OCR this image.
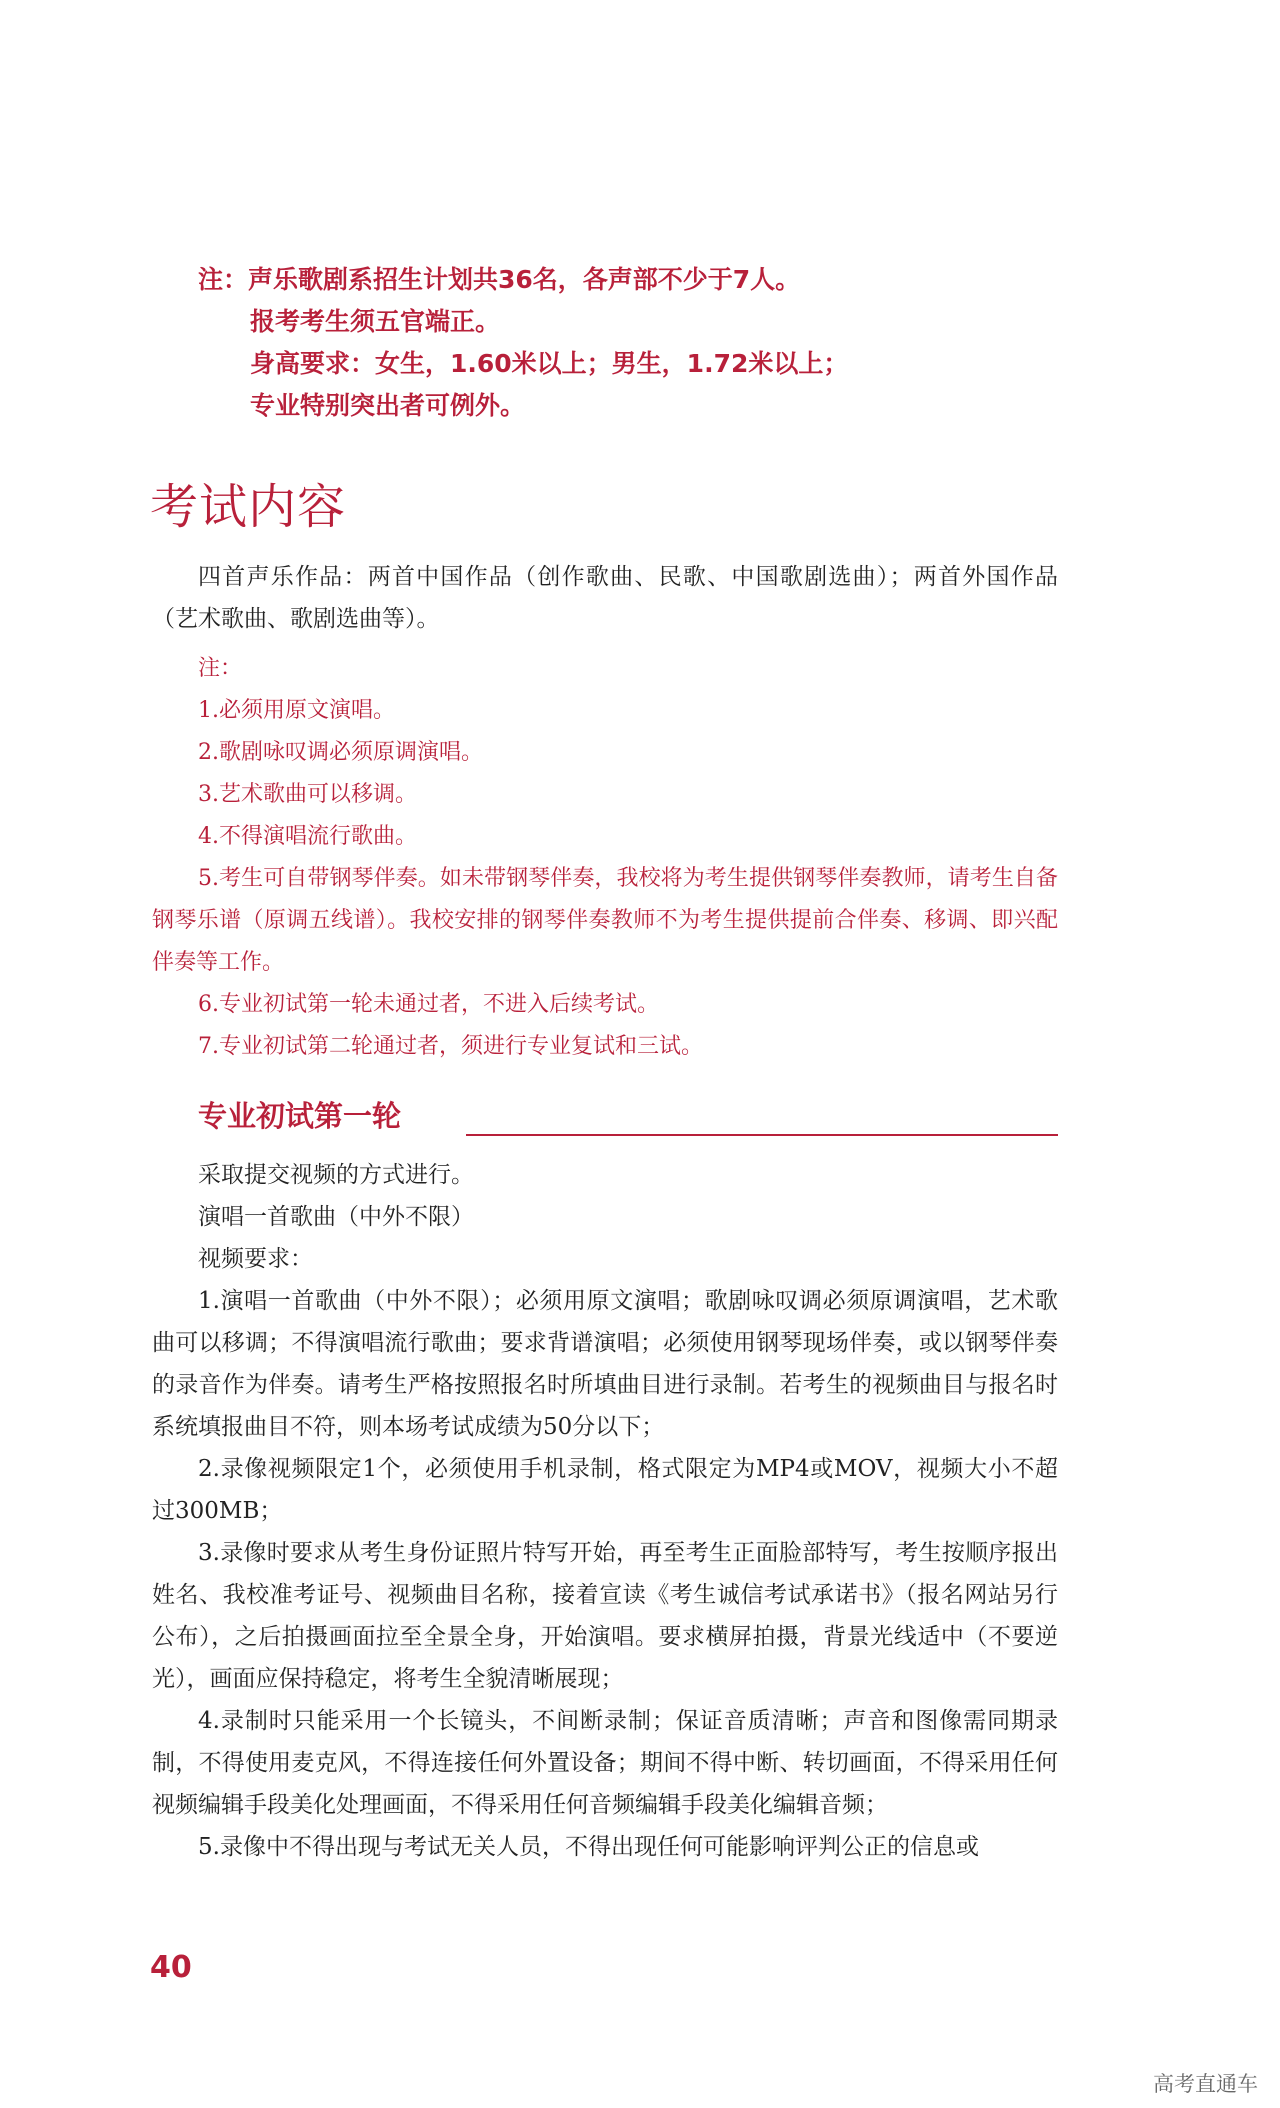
注：声乐歌剧系招生计划共36名，各声部不少于7人。
报考考生须五官端正。
身高要求：女生，1.60米以上；男生，1.72米以上；
专业特别突出者可例外。
考试内容

四首声乐作品：两首中国作品（创作歌曲、民歌、中国歌剧选曲）；两首外国作品（艺术歌曲、歌剧选曲等）。

注：

1.必须用原文演唱。

2.歌剧咏叹调必须原调演唱。

3.艺术歌曲可以移调。

4.不得演唱流行歌曲。

5.考生可自带钢琴伴奏。如未带钢琴伴奏，我校将为考生提供钢琴伴奏教师，请考生自备钢琴乐谱（原调五线谱）。我校安排的钢琴伴奏教师不为考生提供提前合伴奏、移调、即兴配伴奏等工作。

6.专业初试第一轮未通过者，不进入后续考试。

7.专业初试第二轮通过者，须进行专业复试和三试。

专业初试第一轮

采取提交视频的方式进行。

演唱一首歌曲（中外不限）

视频要求：

1.演唱一首歌曲（中外不限）；必须用原文演唱；歌剧咏叹调必须原调演唱，艺术歌曲可以移调；不得演唱流行歌曲；要求背谱演唱；必须使用钢琴现场伴奏，或以钢琴伴奏的录音作为伴奏。请考生严格按照报名时所填曲目进行录制。若考生的视频曲目与报名时系统填报曲目不符，则本场考试成绩为50分以下；

2.录像视频限定1个，必须使用手机录制，格式限定为MP4或MOV，视频大小不超过300MB；

3.录像时要求从考生身份证照片特写开始，再至考生正面脸部特写，考生按顺序报出姓名、我校准考证号、视频曲目名称，接着宣读《考生诚信考试承诺书》（报名网站另行公布），之后拍摄画面拉至全景全身，开始演唱。要求横屏拍摄，背景光线适中（不要逆光），画面应保持稳定，将考生全貌清晰展现；

4.录制时只能采用一个长镜头，不间断录制；保证音质清晰；声音和图像需同期录制，不得使用麦克风，不得连接任何外置设备；期间不得中断、转切画面，不得采用任何视频编辑手段美化处理画面，不得采用任何音频编辑手段美化编辑音频；

5.录像中不得出现与考试无关人员，不得出现任何可能影响评判公正的信息或

40
高考直通车
